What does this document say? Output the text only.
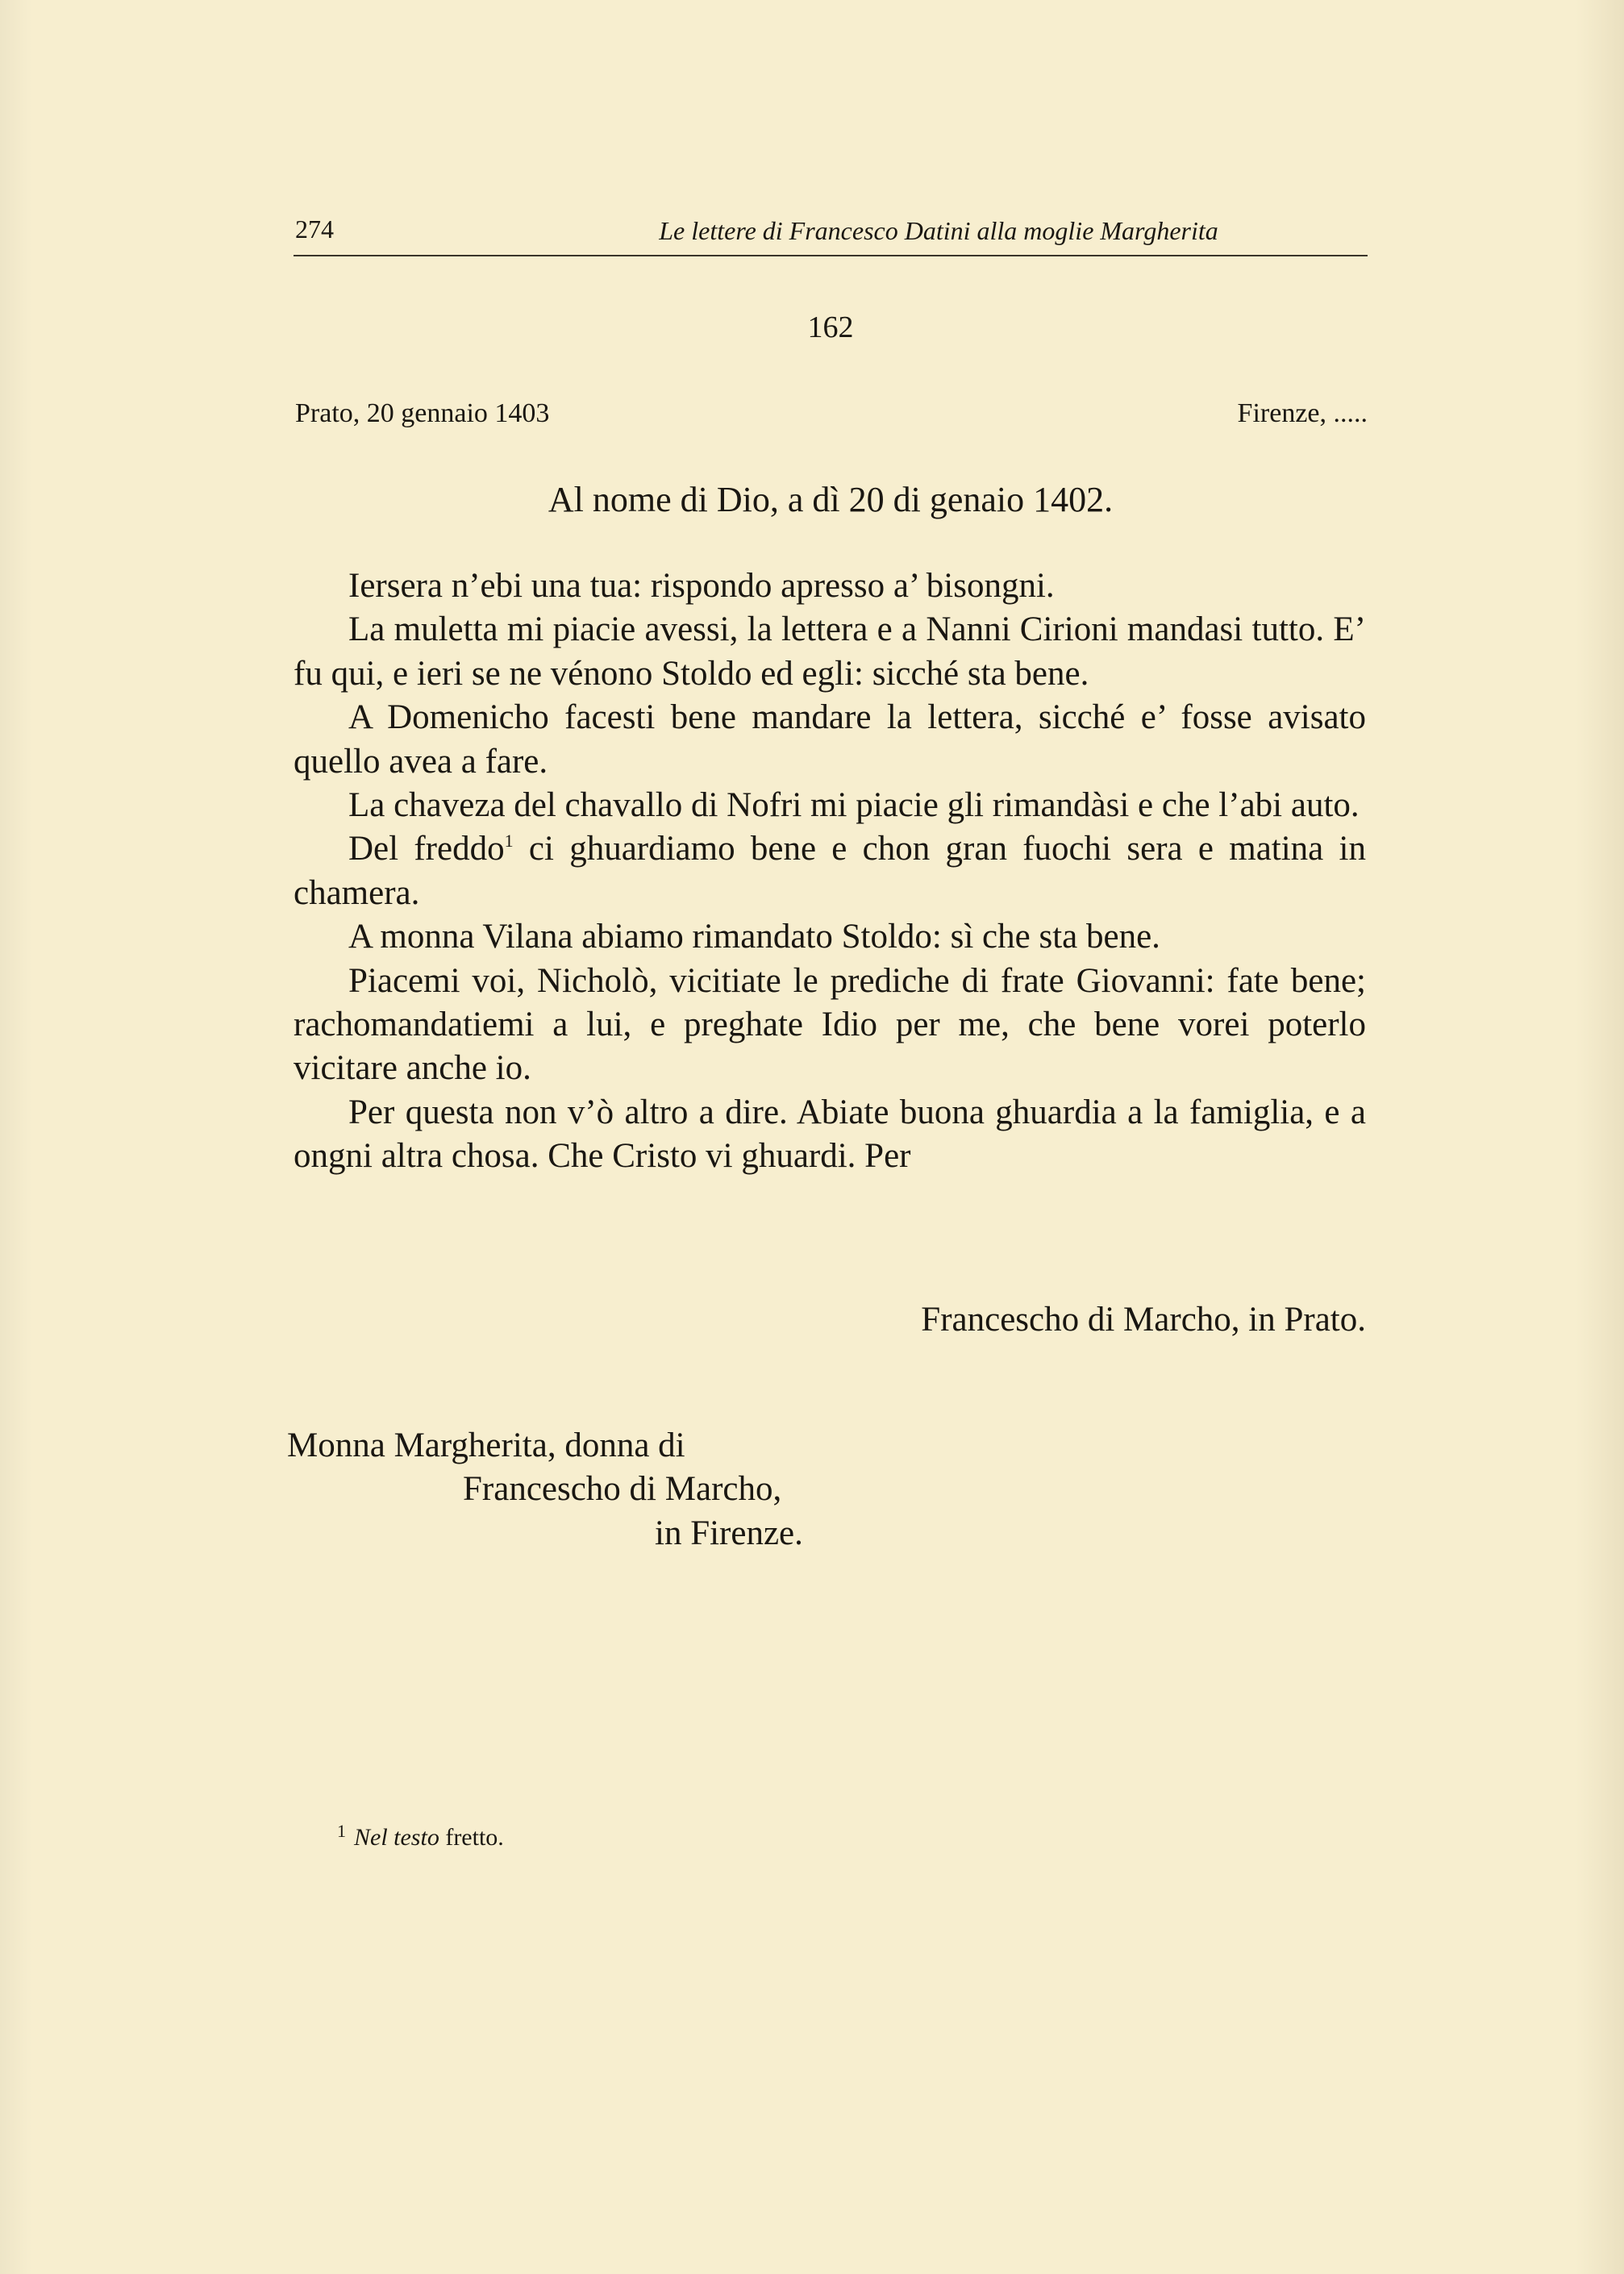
274	Le lettere di Francesco Datini alla moglie Margherita
162
Prato, 20 gennaio 1403	Firenze, .....
Al nome di Dio, a dì 20 di genaio 1402.

Iersera n’ebi una tua: rispondo apresso a’ bisongni.

La muletta mi piacie avessi, la lettera e a Nanni Cirioni mandasi tutto. E’ fu qui, e ieri se ne vénono Stoldo ed egli: sicché sta bene.

A Domenicho facesti bene mandare la lettera, sicché e’ fosse avisato quello avea a fare.

La chaveza del chavallo di Nofri mi piacie gli rimandàsi e che l’abi auto.

Del freddo$^1$ ci ghuardiamo bene e chon gran fuochi sera e matina in chamera.

A monna Vilana abiamo rimandato Stoldo: sì che sta bene.

Piacemi voi, Nicholò, vicitiate le prediche di frate Giovanni: fate bene; rachomandatiemi a lui, e preghate Idio per me, che bene vorei poterlo vicitare anche io.

Per questa non v’ò altro a dire. Abiate buona ghuardia a la famiglia, e a ongni altra chosa. Che Cristo vi ghuardi. Per

Francescho di Marcho, in Prato.
Monna Margherita, donna di
Francescho di Marcho,
in Firenze.
$^1$ Nel testo fretto.
